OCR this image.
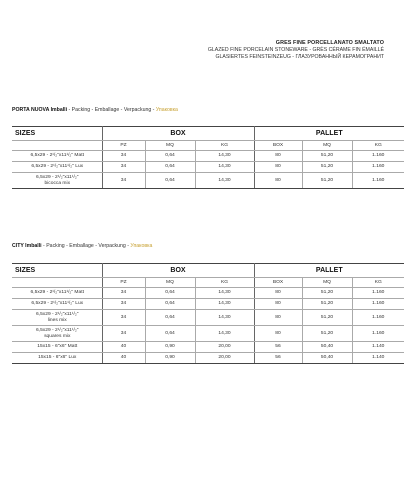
GRES FINE PORCELLANATO SMALTATO
GLAZED FINE PORCELAIN STONEWARE - GRÈS CÉRAME FIN ÉMAILLÉ
GLASIERTES FEINSTEINZEUG - ГЛАЗУРОВАННЫЙ КЕРАМОГРАНИТ
PORTA NUOVA Imballi - Packing - Emballage - Verpackung - Упаковка
SIZES	BOX			PALLET		
	PZ	MQ	KG	BOX	MQ	KG
6,5x29 - 2¹/₂"x11¹/₂" Matt	34	0,64	14,30	80	51,20	1.160
6,5x29 - 2¹/₂"x11¹/₂" Lux	34	0,64	14,30	80	51,20	1.160
6,5x29 - 2¹/₂"x11¹/₂"
bicocca mix	34	0,64	14,30	80	51,20	1.160
CITY Imballi - Packing - Emballage - Verpackung - Упаковка
SIZES	BOX			PALLET		
	PZ	MQ	KG	BOX	MQ	KG
6,5x29 - 2¹/₂"x11¹/₂" Matt	34	0,64	14,30	80	51,20	1.160
6,5x29 - 2¹/₂"x11¹/₂" Lux	34	0,64	14,30	80	51,20	1.160
6,5x29 - 2¹/₂"x11¹/₂"
lines mix	34	0,64	14,30	80	51,20	1.160
6,5x29 - 2¹/₂"x11¹/₂"
squares mix	34	0,64	14,30	80	51,20	1.160
15x15 - 6"x6" Matt	40	0,90	20,00	56	50,40	1.140
15x15 - 6"x6" Lux	40	0,90	20,00	56	50,40	1.140
